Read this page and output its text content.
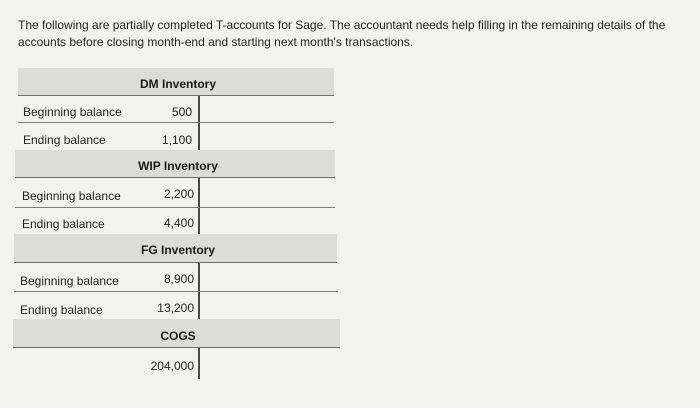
The following are partially completed T-accounts for Sage. The accountant needs help filling in the remaining details of the accounts before closing month-end and starting next month's transactions.
DM Inventory
Beginning balance	500
Ending balance	1,100
WIP Inventory
Beginning balance	2,200
Ending balance	4,400
FG Inventory
Beginning balance	8,900
Ending balance	13,200
COGS
204,000
